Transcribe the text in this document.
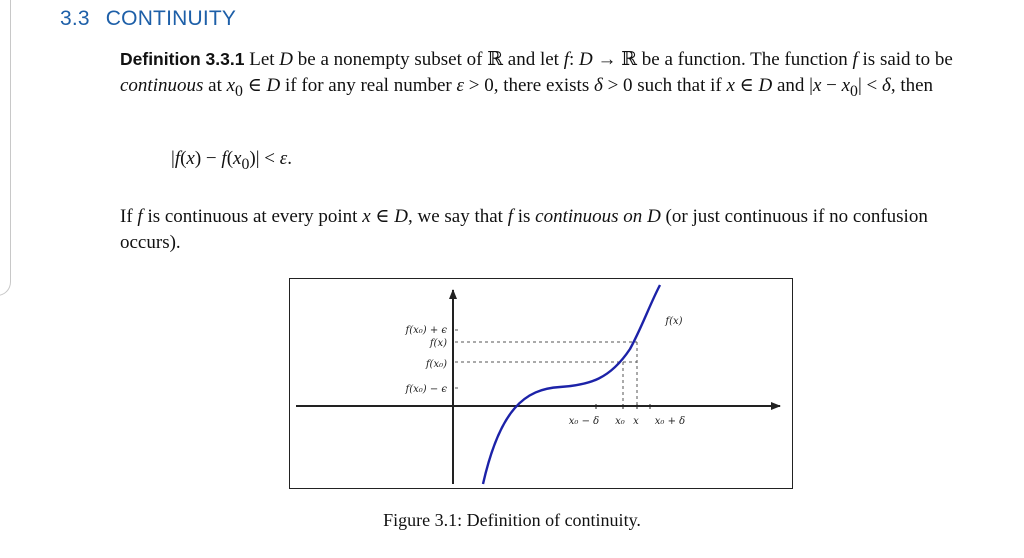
3.3 CONTINUITY
Definition 3.3.1 Let D be a nonempty subset of ℝ and let f: D → ℝ be a function. The function f is said to be continuous at $x_0$ ∈ D if for any real number ε > 0, there exists δ > 0 such that if x ∈ D and $|x - x_0| < \delta$, then
$|f(x) - f(x_0)| < \varepsilon$.
If f is continuous at every point x ∈ D, we say that f is continuous on D (or just continuous if no confusion occurs).
f(x₀) + ϵ
f(x)
f(x₀)
f(x₀) − ϵ
x₀ − δ x₀ x x₀ + δ
f(x)
Figure 3.1: Definition of continuity.
